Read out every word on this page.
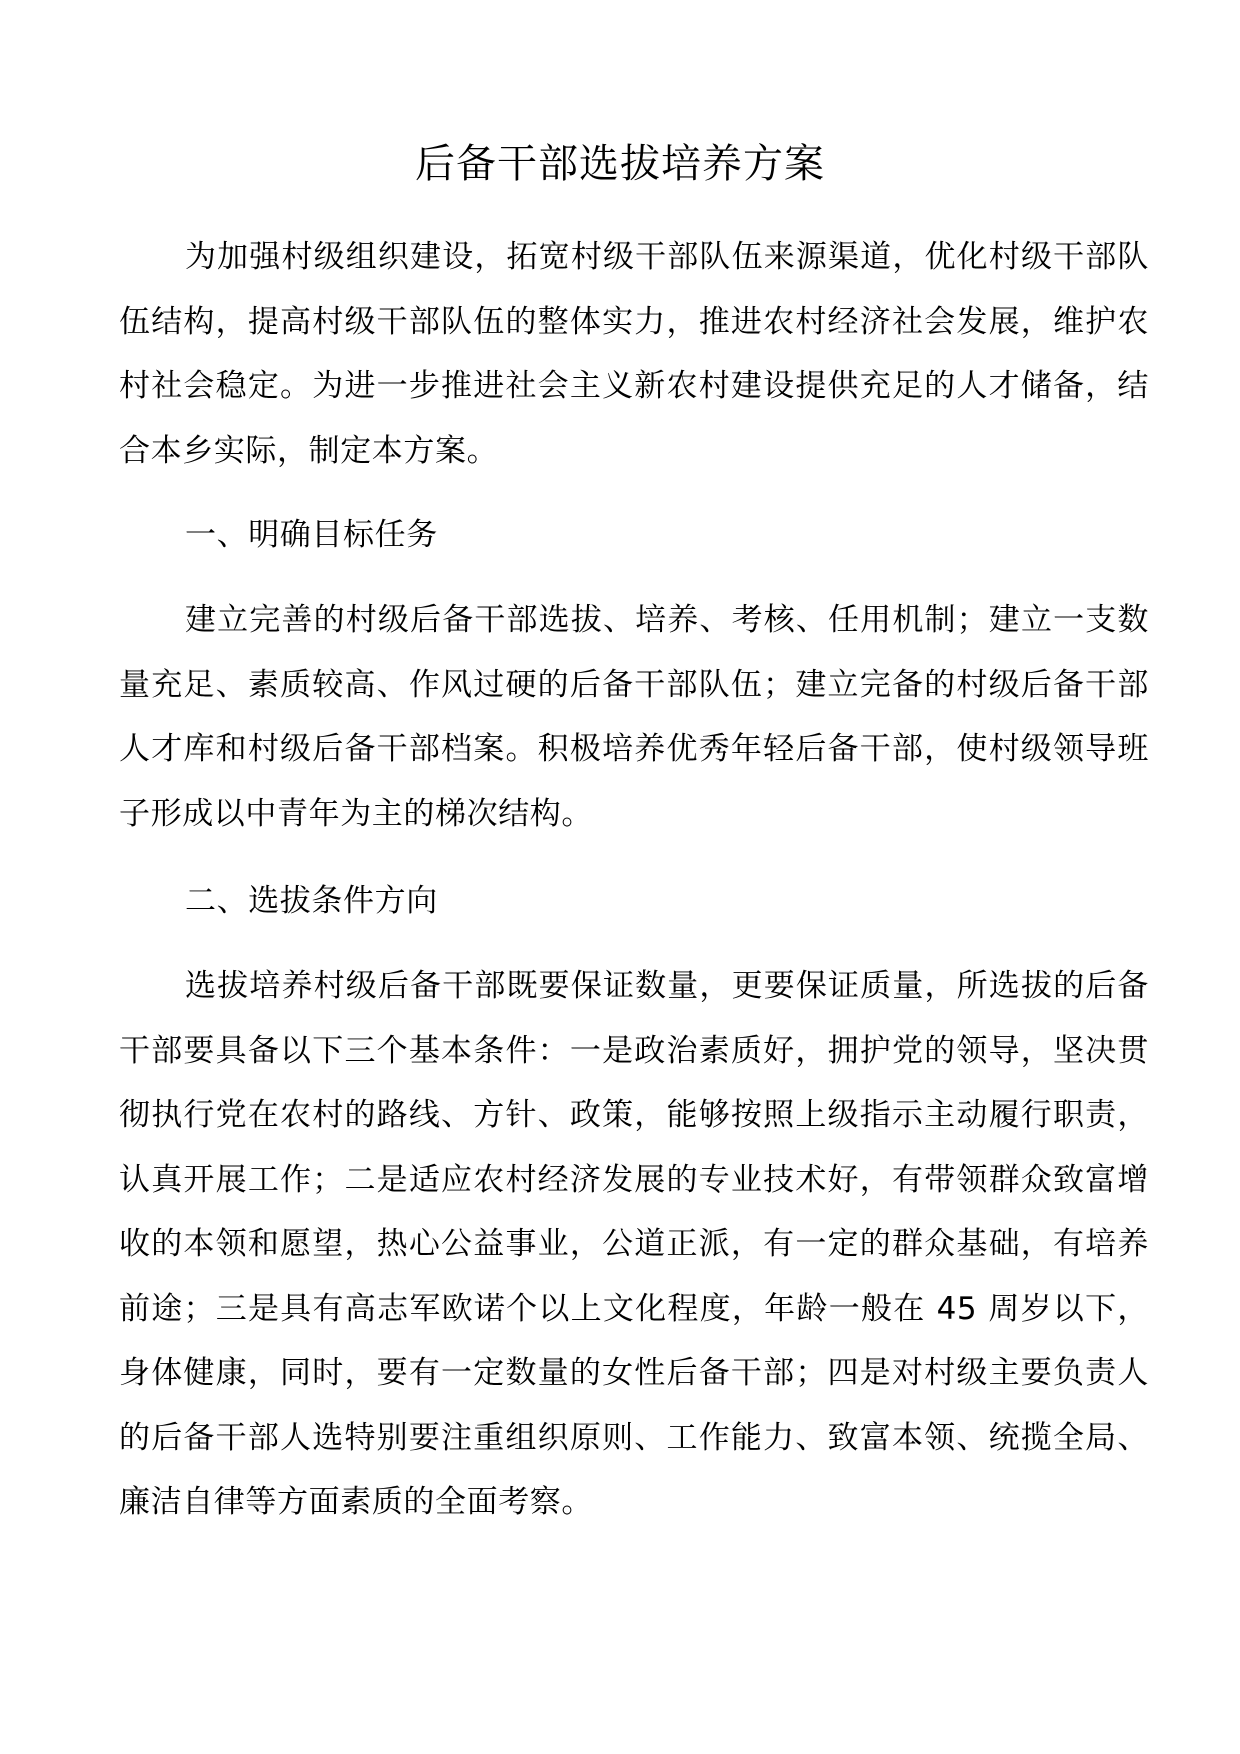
后备干部选拔培养方案

为加强村级组织建设，拓宽村级干部队伍来源渠道，优化村级干部队伍结构，提高村级干部队伍的整体实力，推进农村经济社会发展，维护农村社会稳定。为进一步推进社会主义新农村建设提供充足的人才储备，结合本乡实际，制定本方案。

一、明确目标任务

建立完善的村级后备干部选拔、培养、考核、任用机制；建立一支数量充足、素质较高、作风过硬的后备干部队伍；建立完备的村级后备干部人才库和村级后备干部档案。积极培养优秀年轻后备干部，使村级领导班子形成以中青年为主的梯次结构。

二、选拔条件方向

选拔培养村级后备干部既要保证数量，更要保证质量，所选拔的后备干部要具备以下三个基本条件：一是政治素质好，拥护党的领导，坚决贯彻执行党在农村的路线、方针、政策，能够按照上级指示主动履行职责，认真开展工作；二是适应农村经济发展的专业技术好，有带领群众致富增收的本领和愿望，热心公益事业，公道正派，有一定的群众基础，有培养前途；三是具有高志军欧诺个以上文化程度，年龄一般在 45 周岁以下，身体健康，同时，要有一定数量的女性后备干部；四是对村级主要负责人的后备干部人选特别要注重组织原则、工作能力、致富本领、统揽全局、廉洁自律等方面素质的全面考察。
